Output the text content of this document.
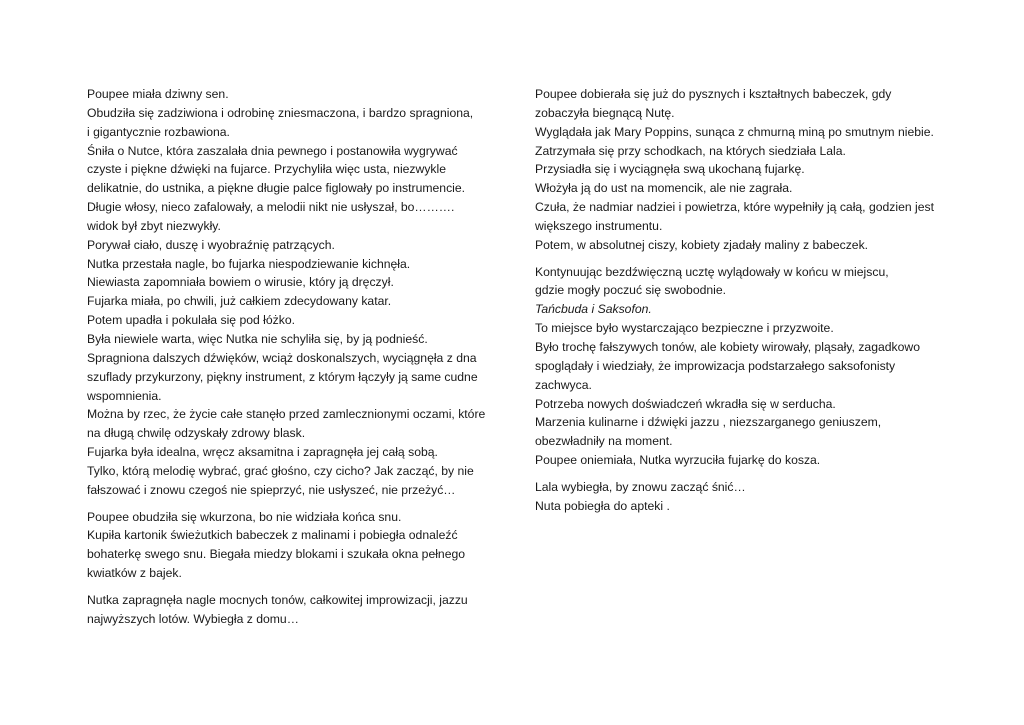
Poupee miała dziwny sen.
Obudziła się zadziwiona i odrobinę zniesmaczona, i bardzo spragniona,
i gigantycznie rozbawiona.
Śniła o Nutce, która zaszalała dnia pewnego i postanowiła wygrywać
czyste i piękne dźwięki na fujarce. Przychyliła więc usta, niezwykle
delikatnie, do ustnika, a piękne długie palce figlowały po instrumencie.
Długie włosy, nieco zafalowały, a melodii nikt nie usłyszał, bo……….
widok był zbyt niezwykły.
Porywał ciało, duszę i wyobraźnię patrzących.
Nutka przestała nagle, bo fujarka niespodziewanie kichnęła.
Niewiasta zapomniała bowiem o wirusie, który ją dręczył.
Fujarka miała, po chwili, już całkiem zdecydowany katar.
Potem upadła i pokulała się pod łóżko.
Była niewiele warta, więc Nutka nie schyliła się, by ją podnieść.
Spragniona dalszych dźwięków, wciąż doskonalszych, wyciągnęła z dna
szuflady przykurzony, piękny instrument, z którym łączyły ją same cudne
wspomnienia.
Można by rzec, że życie całe stanęło przed zamlecznionymi oczami, które
na długą chwilę odzyskały zdrowy blask.
Fujarka była idealna, wręcz aksamitna i zapragnęła jej całą sobą.
Tylko, którą melodię wybrać, grać głośno, czy cicho? Jak zacząć, by nie
fałszować i znowu czegoś nie spieprzyć, nie usłyszeć, nie przeżyć…

Poupee obudziła się wkurzona, bo nie widziała końca snu.
Kupiła kartonik świeżutkich babeczek z malinami i pobiegła odnaleźć
bohaterkę swego snu. Biegała miedzy blokami i szukała okna pełnego
kwiatków z bajek.

Nutka zapragnęła nagle mocnych tonów, całkowitej improwizacji, jazzu
najwyższych lotów. Wybiegła z domu…

Poupee dobierała się już do pysznych i kształtnych babeczek, gdy
zobaczyła biegnącą Nutę.
Wyglądała jak Mary Poppins, sunąca z chmurną miną po smutnym niebie.
Zatrzymała się przy schodkach, na których siedziała Lala.
Przysiadła się i wyciągnęła swą ukochaną fujarkę.
Włożyła ją do ust na momencik, ale nie zagrała.
Czuła, że nadmiar nadziei i powietrza, które wypełniły ją całą, godzien jest
większego instrumentu.
Potem, w absolutnej ciszy, kobiety zjadały maliny z babeczek.

Kontynuując bezdźwięczną ucztę wylądowały w końcu w miejscu,
gdzie mogły poczuć się swobodnie.
Tańcbuda i Saksofon.
To miejsce było wystarczająco bezpieczne i przyzwoite.
Było trochę fałszywych tonów, ale kobiety wirowały, pląsały, zagadkowo
spoglądały i wiedziały, że improwizacja podstarzałego saksofonisty
zachwyca.
Potrzeba nowych doświadczeń wkradła się w serducha.
Marzenia kulinarne i dźwięki jazzu , niezszarganego geniuszem,
obezwładniły na moment.
Poupee oniemiała, Nutka wyrzuciła fujarkę do kosza.

Lala wybiegła, by znowu zacząć śnić…
Nuta pobiegła do apteki .
